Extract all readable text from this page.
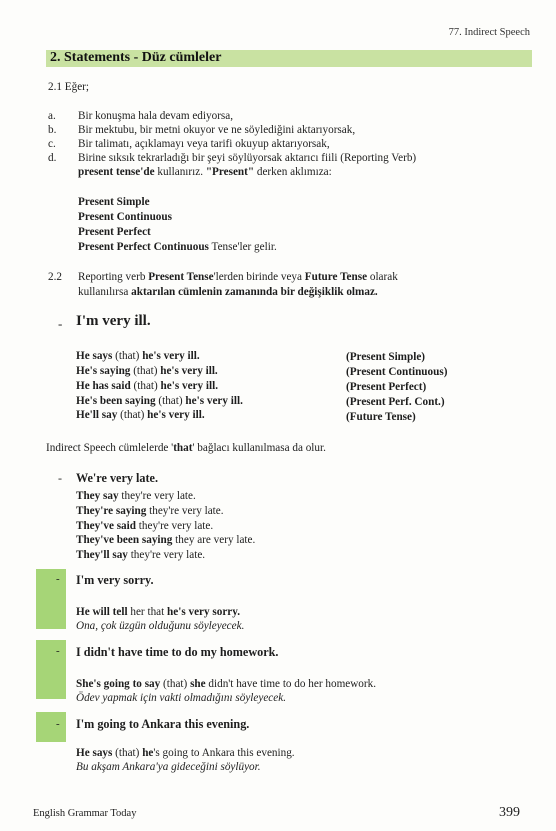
77. Indirect Speech
2. Statements - Düz cümleler
2.1 Eğer;
a. Bir konuşma hala devam ediyorsa,
b. Bir mektubu, bir metni okuyor ve ne söylediğini aktarıyorsak,
c. Bir talimatı, açıklamayı veya tarifi okuyup aktarıyorsak,
d. Birine sıksık tekrarladığı bir şeyi söylüyorsak aktarıcı fiili (Reporting Verb)
present tense'de kullanırız. "Present" derken aklımıza:
Present Simple
Present Continuous
Present Perfect
Present Perfect Continuous Tense'ler gelir.
2.2 Reporting verb Present Tense'lerden birinde veya Future Tense olarak
kullanılırsa aktarılan cümlenin zamanında bir değişiklik olmaz.
- I'm very ill.
He says (that) he's very ill.	(Present Simple)
He's saying (that) he's very ill.	(Present Continuous)
He has said (that) he's very ill.	(Present Perfect)
He's been saying (that) he's very ill.	(Present Perf. Cont.)
He'll say (that) he's very ill.	(Future Tense)
Indirect Speech cümlelerde 'that' bağlacı kullanılmasa da olur.
- We're very late.
They say they're very late.
They're saying they're very late.
They've said they're very late.
They've been saying they are very late.
They'll say they're very late.
- I'm very sorry.
He will tell her that he's very sorry.
Ona, çok üzgün olduğunu söyleyecek.
- I didn't have time to do my homework.
She's going to say (that) she didn't have time to do her homework.
Ödev yapmak için vakti olmadığını söyleyecek.
- I'm going to Ankara this evening.
He says (that) he's going to Ankara this evening.
Bu akşam Ankara'ya gideceğini söylüyor.
English Grammar Today	399
